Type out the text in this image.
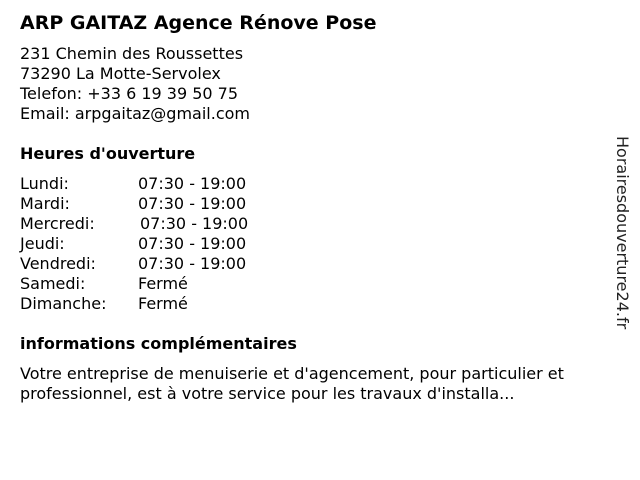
ARP GAITAZ Agence Rénove Pose
231 Chemin des Roussettes
73290 La Motte-Servolex
Telefon: +33 6 19 39 50 75
Email: arpgaitaz@gmail.com
Heures d'ouverture
Lundi:	07:30 - 19:00
Mardi:	07:30 - 19:00
Mercredi:	07:30 - 19:00
Jeudi:	07:30 - 19:00
Vendredi:	07:30 - 19:00
Samedi:	Fermé
Dimanche: Fermé
informations complémentaires
Votre entreprise de menuiserie et d'agencement, pour particulier et professionnel, est à votre service pour les travaux d'installa...
Horairesdouverture24.fr
